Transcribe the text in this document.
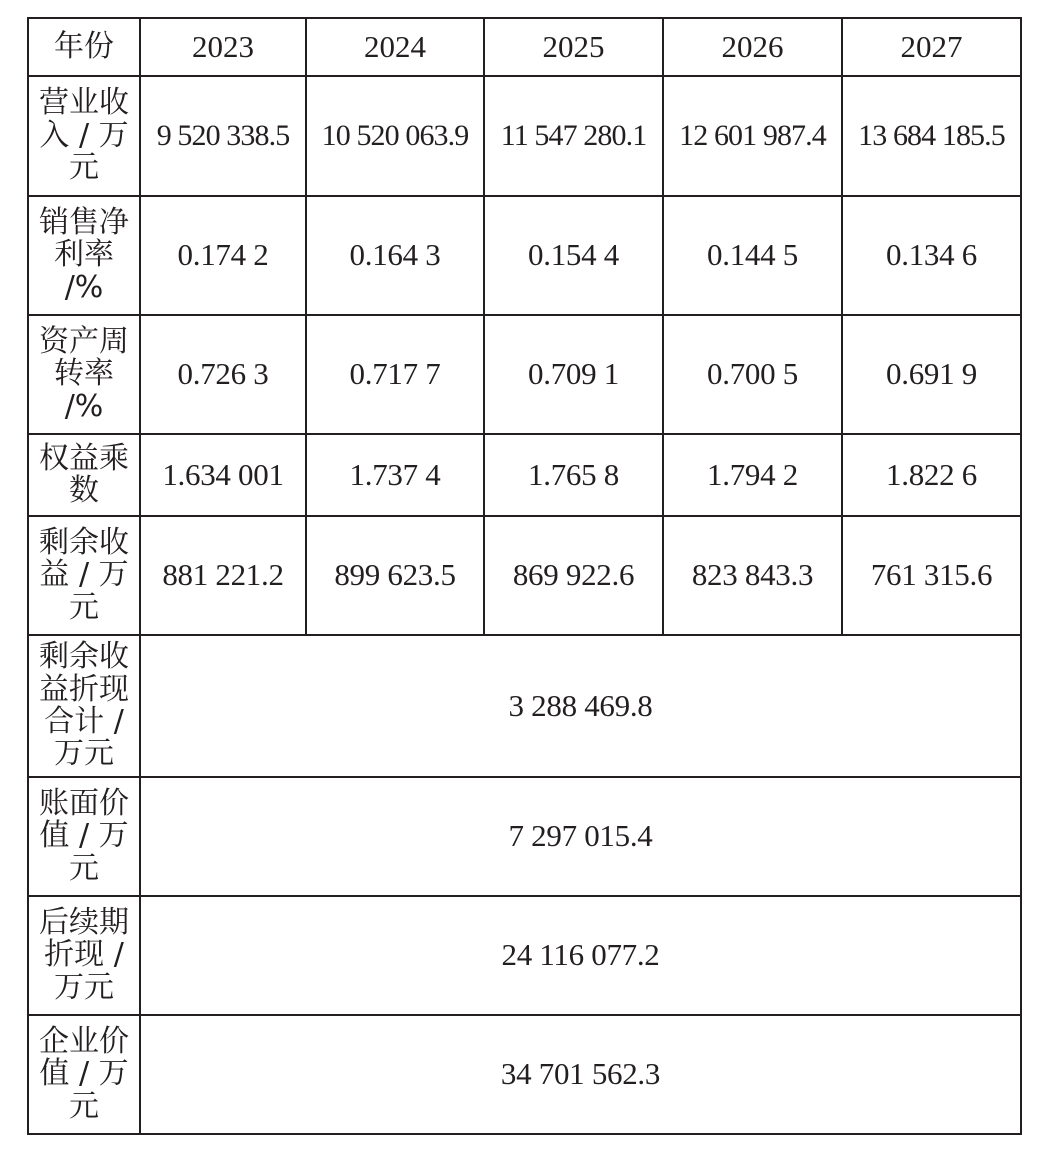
年份	2023	2024	2025	2026	2027
营业收入 / 万元	9 520 338.5	10 520 063.9	11 547 280.1	12 601 987.4	13 684 185.5
销售净利率 /%	0.174 2	0.164 3	0.154 4	0.144 5	0.134 6
资产周转率 /%	0.726 3	0.717 7	0.709 1	0.700 5	0.691 9
权益乘数	1.634 001	1.737 4	1.765 8	1.794 2	1.822 6
剩余收益 / 万元	881 221.2	899 623.5	869 922.6	823 843.3	761 315.6
剩余收益折现合计 / 万元	3 288 469.8				
账面价值 / 万元	7 297 015.4				
后续期折现 / 万元	24 116 077.2				
企业价值 / 万元	34 701 562.3				
